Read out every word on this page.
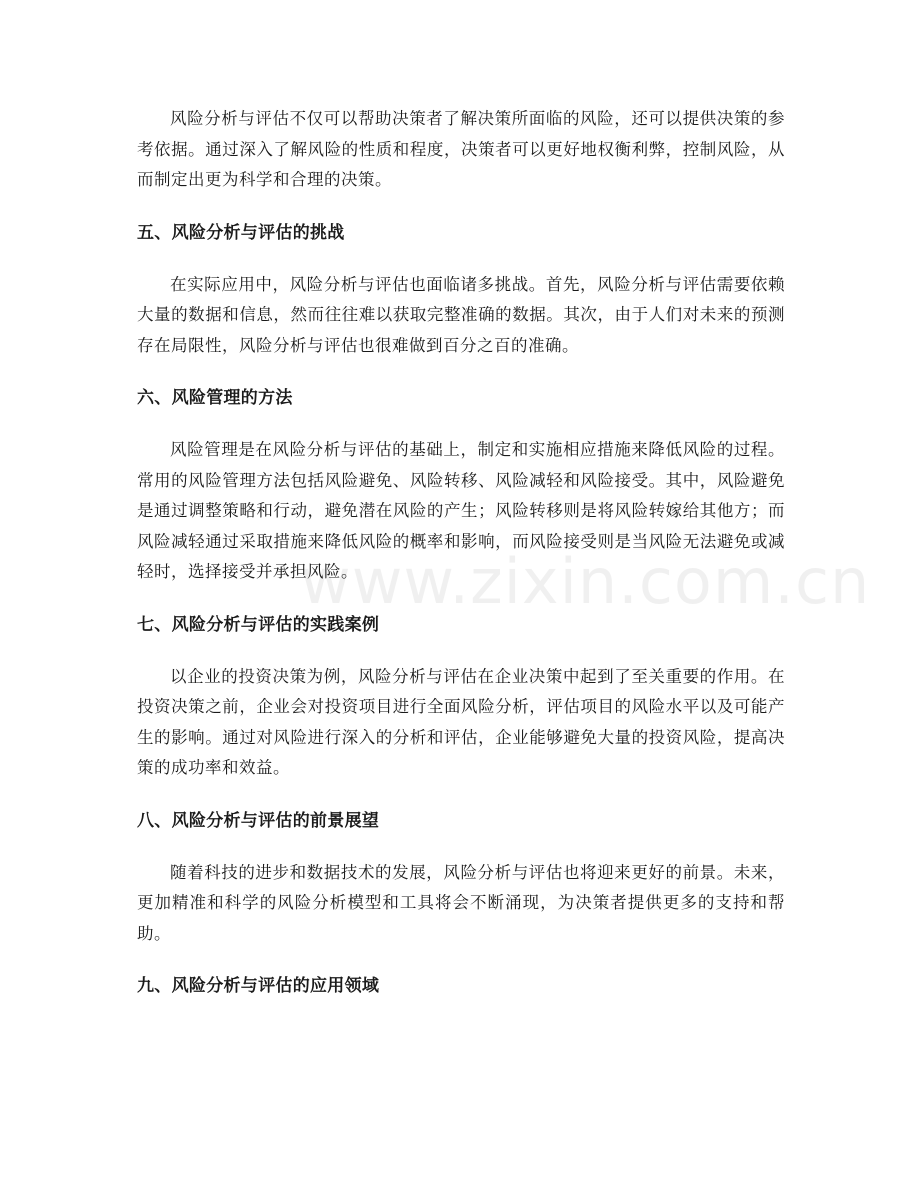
风险分析与评估不仅可以帮助决策者了解决策所面临的风险，还可以提供决策的参考依据。通过深入了解风险的性质和程度，决策者可以更好地权衡利弊，控制风险，从而制定出更为科学和合理的决策。

五、风险分析与评估的挑战

在实际应用中，风险分析与评估也面临诸多挑战。首先，风险分析与评估需要依赖大量的数据和信息，然而往往难以获取完整准确的数据。其次，由于人们对未来的预测存在局限性，风险分析与评估也很难做到百分之百的准确。

六、风险管理的方法

风险管理是在风险分析与评估的基础上，制定和实施相应措施来降低风险的过程。常用的风险管理方法包括风险避免、风险转移、风险减轻和风险接受。其中，风险避免是通过调整策略和行动，避免潜在风险的产生；风险转移则是将风险转嫁给其他方；而风险减轻通过采取措施来降低风险的概率和影响，而风险接受则是当风险无法避免或减轻时，选择接受并承担风险。

七、风险分析与评估的实践案例

以企业的投资决策为例，风险分析与评估在企业决策中起到了至关重要的作用。在投资决策之前，企业会对投资项目进行全面风险分析，评估项目的风险水平以及可能产生的影响。通过对风险进行深入的分析和评估，企业能够避免大量的投资风险，提高决策的成功率和效益。

八、风险分析与评估的前景展望

随着科技的进步和数据技术的发展，风险分析与评估也将迎来更好的前景。未来，更加精准和科学的风险分析模型和工具将会不断涌现，为决策者提供更多的支持和帮助。

九、风险分析与评估的应用领域
www.zixin.com.cn
